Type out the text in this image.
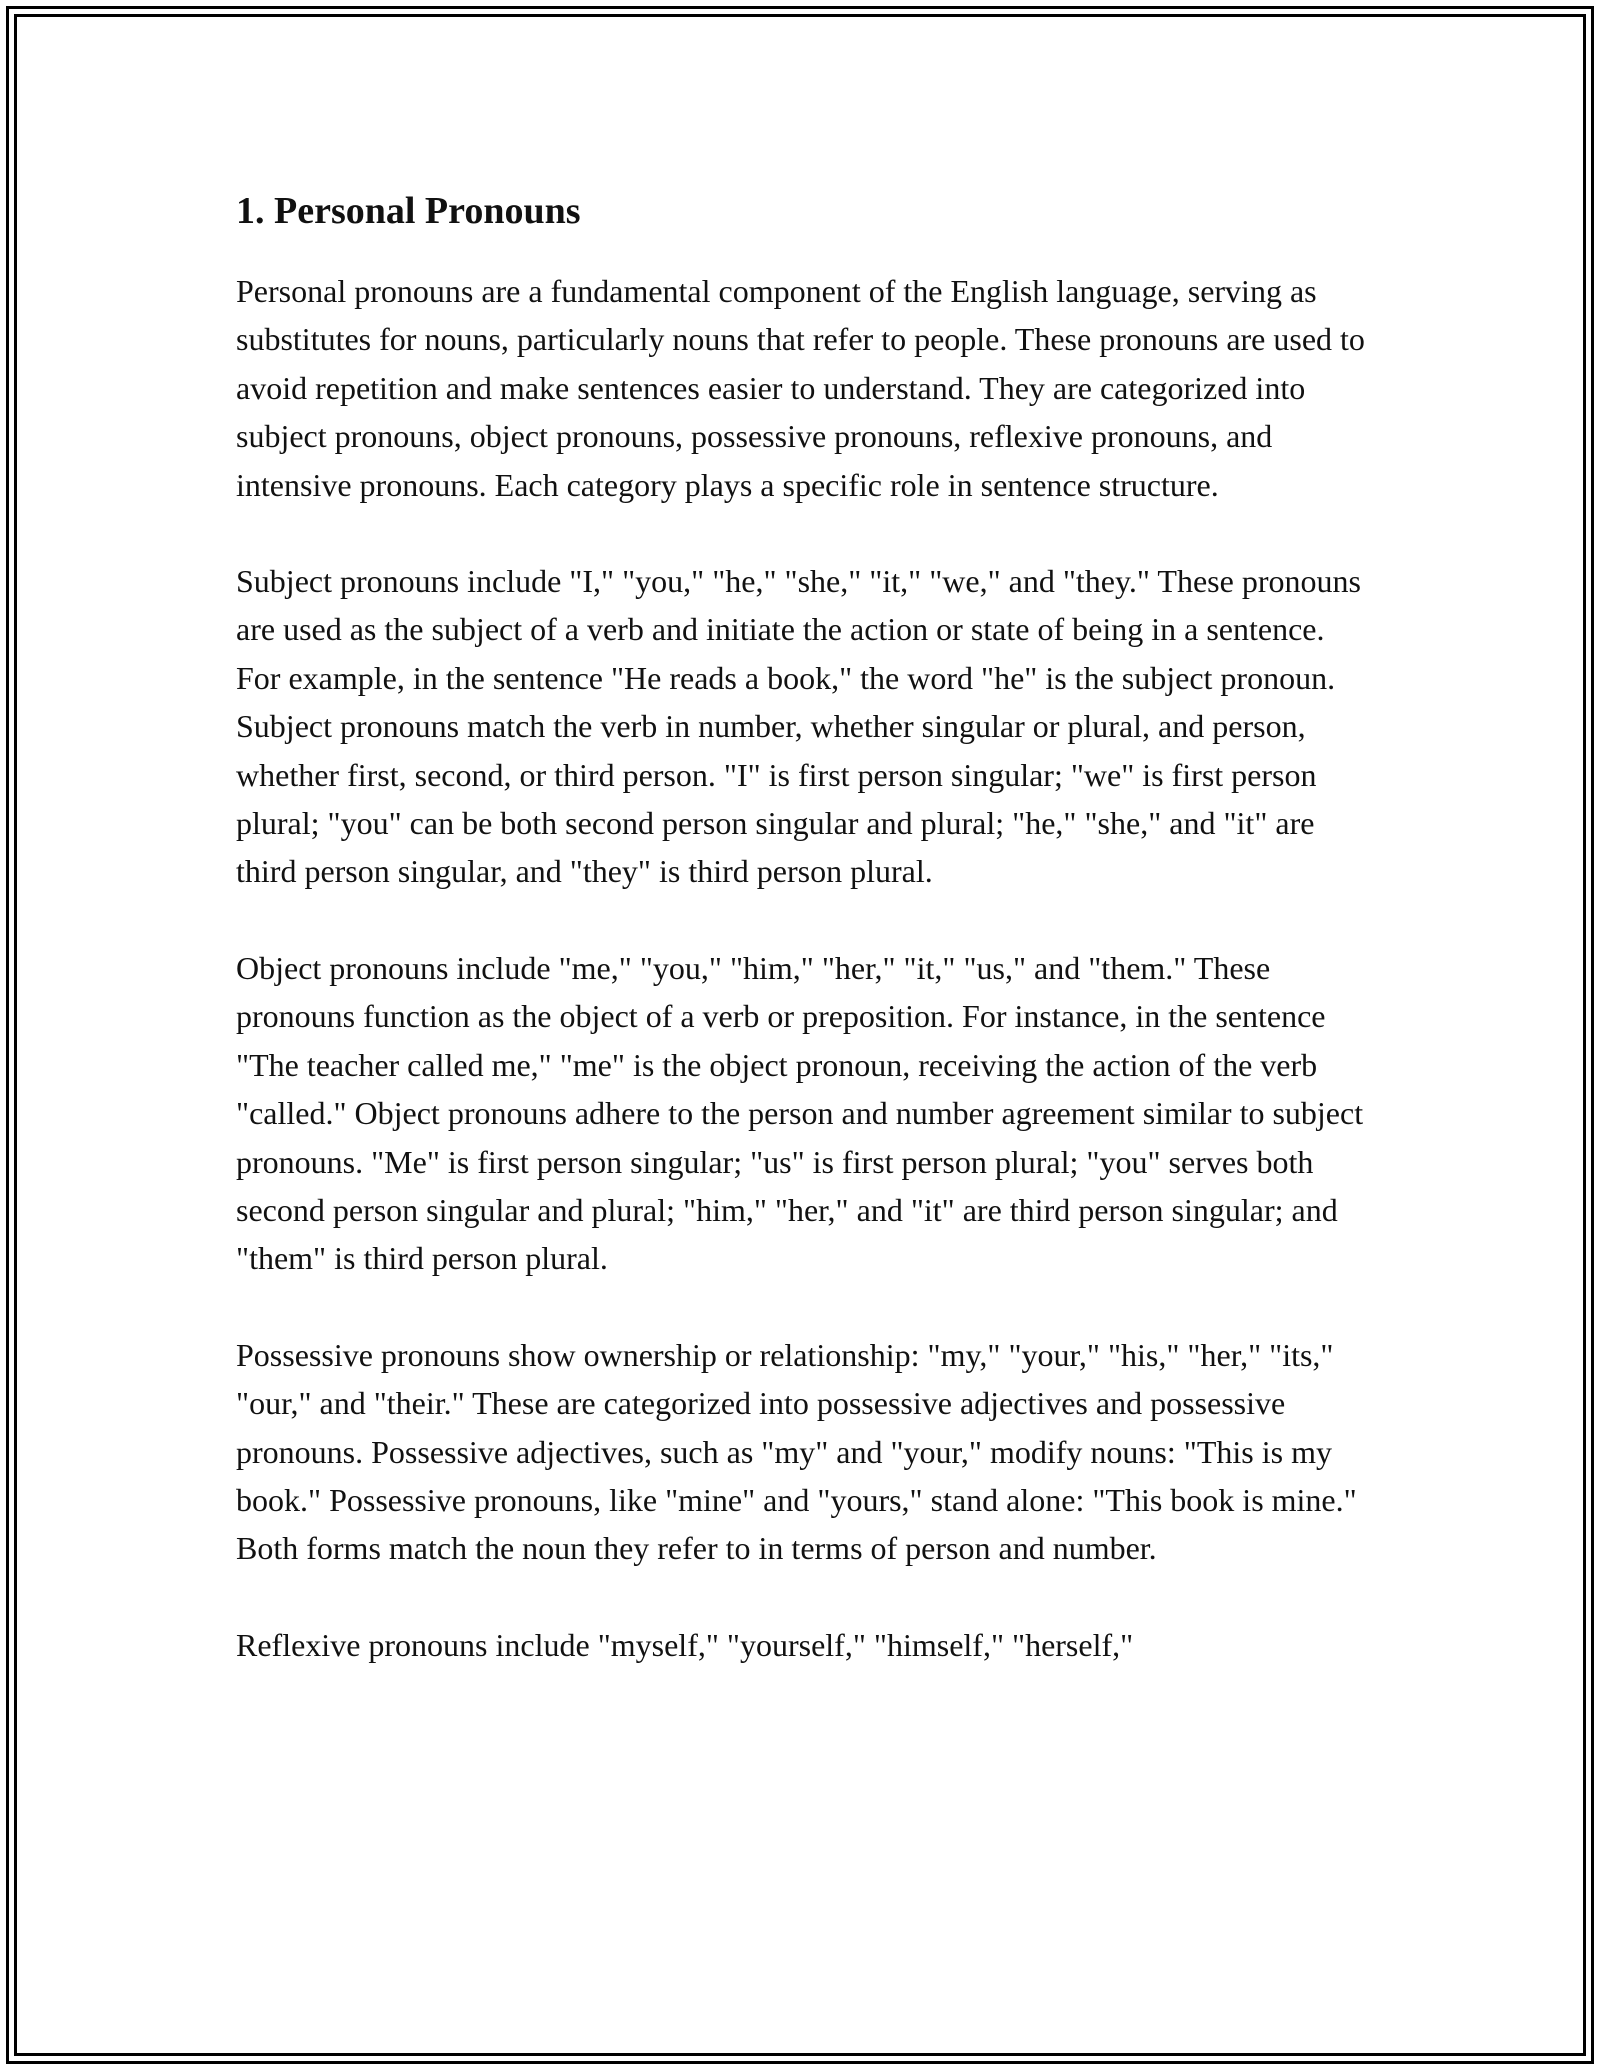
1. Personal Pronouns

Personal pronouns are a fundamental component of the English language, serving as substitutes for nouns, particularly nouns that refer to people. These pronouns are used to avoid repetition and make sentences easier to understand. They are categorized into subject pronouns, object pronouns, possessive pronouns, reflexive pronouns, and intensive pronouns. Each category plays a specific role in sentence structure.

Subject pronouns include "I," "you," "he," "she," "it," "we," and "they." These pronouns are used as the subject of a verb and initiate the action or state of being in a sentence. For example, in the sentence "He reads a book," the word "he" is the subject pronoun. Subject pronouns match the verb in number, whether singular or plural, and person, whether first, second, or third person. "I" is first person singular; "we" is first person plural; "you" can be both second person singular and plural; "he," "she," and "it" are third person singular, and "they" is third person plural.

Object pronouns include "me," "you," "him," "her," "it," "us," and "them." These pronouns function as the object of a verb or preposition. For instance, in the sentence "The teacher called me," "me" is the object pronoun, receiving the action of the verb "called." Object pronouns adhere to the person and number agreement similar to subject pronouns. "Me" is first person singular; "us" is first person plural; "you" serves both second person singular and plural; "him," "her," and "it" are third person singular; and "them" is third person plural.

Possessive pronouns show ownership or relationship: "my," "your," "his," "her," "its," "our," and "their." These are categorized into possessive adjectives and possessive pronouns. Possessive adjectives, such as "my" and "your," modify nouns: "This is my book." Possessive pronouns, like "mine" and "yours," stand alone: "This book is mine." Both forms match the noun they refer to in terms of person and number.

Reflexive pronouns include "myself," "yourself," "himself," "herself,"
